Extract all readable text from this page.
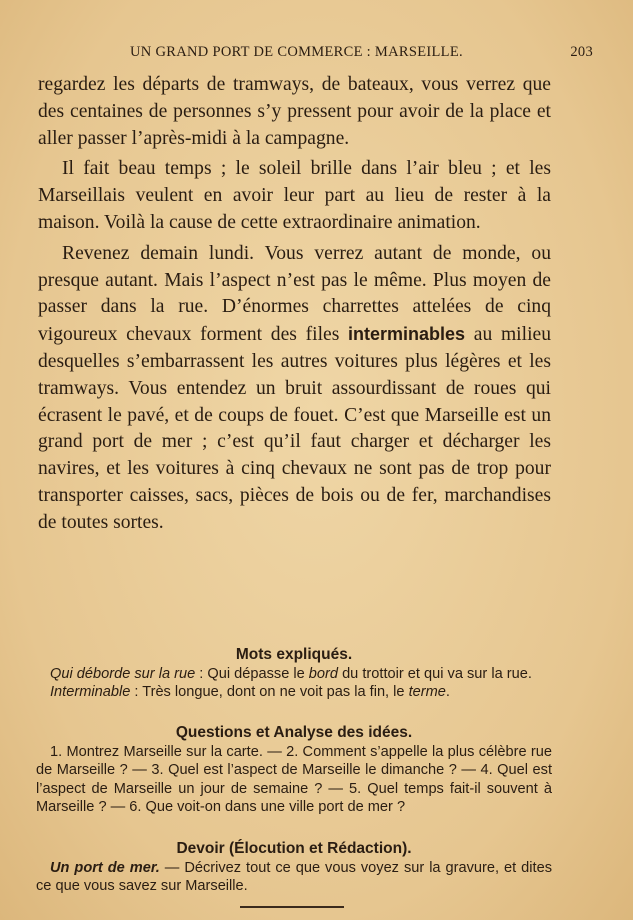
UN GRAND PORT DE COMMERCE : MARSEILLE.	203

regardez les départs de tramways, de bateaux, vous verrez que des centaines de personnes s’y pressent pour avoir de la place et aller passer l’après-midi à la campagne.

Il fait beau temps ; le soleil brille dans l’air bleu ; et les Marseillais veulent en avoir leur part au lieu de rester à la maison. Voilà la cause de cette extraordinaire animation.

Revenez demain lundi. Vous verrez autant de monde, ou presque autant. Mais l’aspect n’est pas le même. Plus moyen de passer dans la rue. D’énormes charrettes attelées de cinq vigoureux chevaux forment des files interminables au milieu desquelles s’embarrassent les autres voitures plus légères et les tramways. Vous entendez un bruit assourdissant de roues qui écrasent le pavé, et de coups de fouet. C’est que Marseille est un grand port de mer ; c’est qu’il faut charger et décharger les navires, et les voitures à cinq chevaux ne sont pas de trop pour transporter caisses, sacs, pièces de bois ou de fer, marchandises de toutes sortes.

Mots expliqués.

Qui déborde sur la rue : Qui dépasse le bord du trottoir et qui va sur la rue.

Interminable : Très longue, dont on ne voit pas la fin, le terme.

Questions et Analyse des idées.

1. Montrez Marseille sur la carte. — 2. Comment s’appelle la plus célèbre rue de Marseille ? — 3. Quel est l’aspect de Marseille le dimanche ? — 4. Quel est l’aspect de Marseille un jour de semaine ? — 5. Quel temps fait-il souvent à Marseille ? — 6. Que voit-on dans une ville port de mer ?

Devoir (Élocution et Rédaction).

Un port de mer. — Décrivez tout ce que vous voyez sur la gravure, et dites ce que vous savez sur Marseille.
